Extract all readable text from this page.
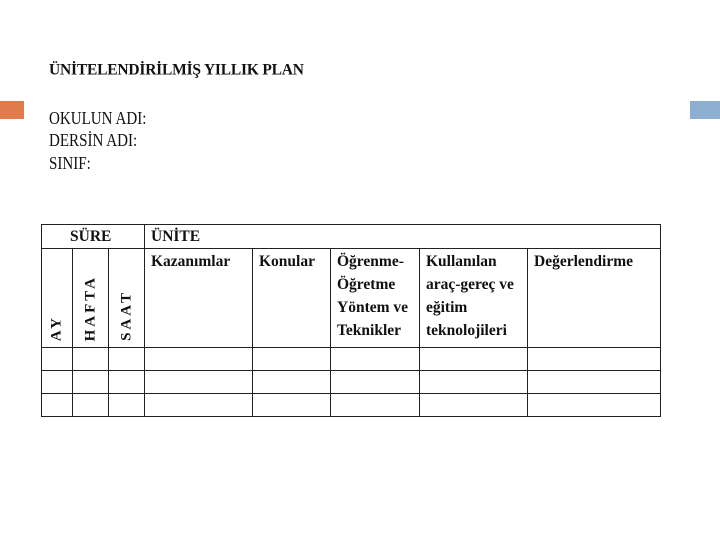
ÜNİTELENDİRİLMİŞ YILLIK PLAN
OKULUN ADI:
DERSİN ADI:
SINIF:
SÜRE			ÜNİTE				

AY	HAFTA	SAAT	Kazanımlar	Konular	Öğrenme-Öğretme Yöntem ve Teknikler	Kullanılan araç-gereç ve eğitim teknolojileri	Değerlendirme
